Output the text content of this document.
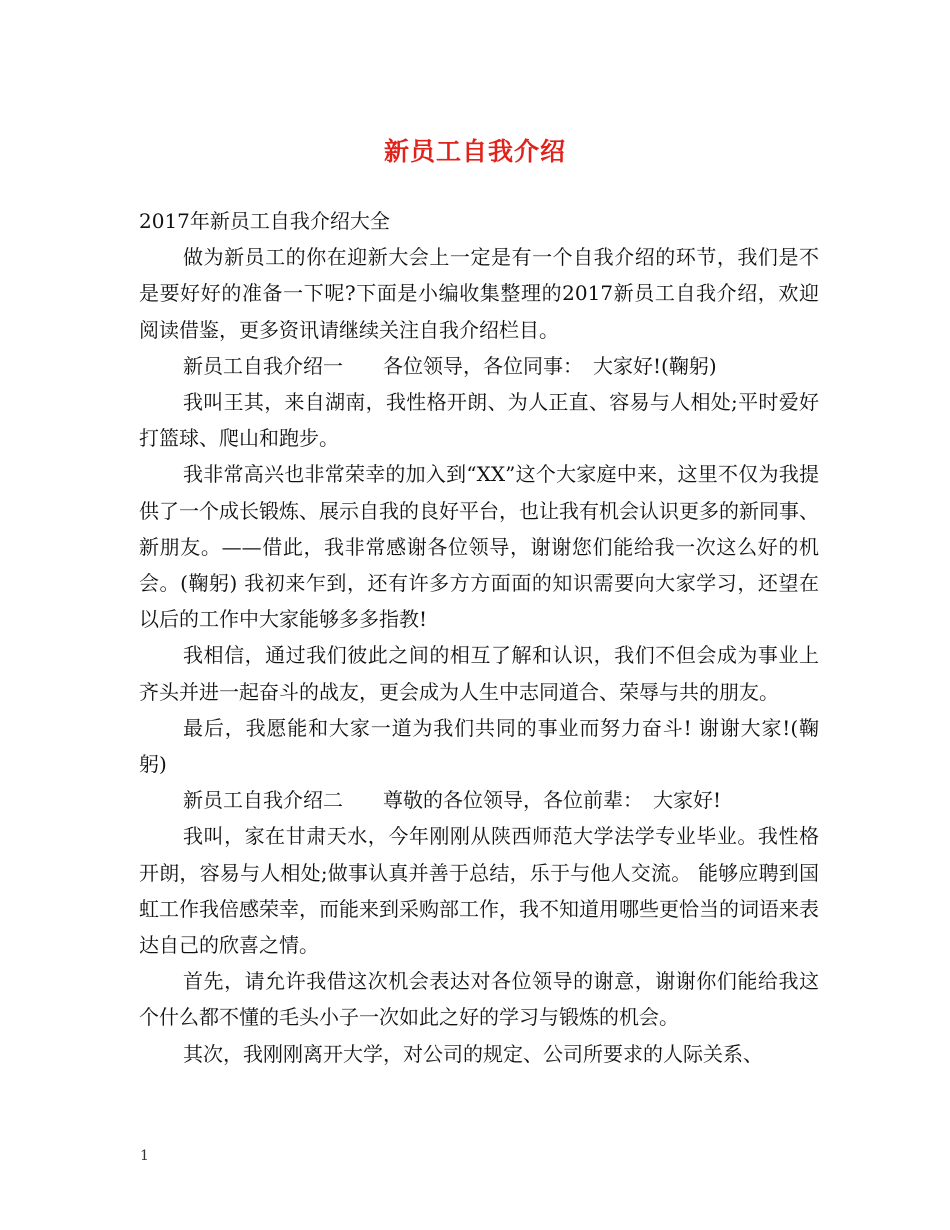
新员工自我介绍

2017年新员工自我介绍大全

做为新员工的你在迎新大会上一定是有一个自我介绍的环节，我们是不是要好好的准备一下呢?下面是小编收集整理的2017新员工自我介绍，欢迎阅读借鉴，更多资讯请继续关注自我介绍栏目。

新员工自我介绍一　　各位领导，各位同事：　大家好!(鞠躬)

我叫王其，来自湖南，我性格开朗、为人正直、容易与人相处;平时爱好打篮球、爬山和跑步。

我非常高兴也非常荣幸的加入到“XX”这个大家庭中来，这里不仅为我提供了一个成长锻炼、展示自我的良好平台，也让我有机会认识更多的新同事、新朋友。——借此，我非常感谢各位领导，谢谢您们能给我一次这么好的机会。(鞠躬) 我初来乍到，还有许多方方面面的知识需要向大家学习，还望在以后的工作中大家能够多多指教!

我相信，通过我们彼此之间的相互了解和认识，我们不但会成为事业上齐头并进一起奋斗的战友，更会成为人生中志同道合、荣辱与共的朋友。

最后，我愿能和大家一道为我们共同的事业而努力奋斗! 谢谢大家!(鞠躬)

新员工自我介绍二　　尊敬的各位领导，各位前辈：　大家好!

我叫，家在甘肃天水，今年刚刚从陕西师范大学法学专业毕业。我性格开朗，容易与人相处;做事认真并善于总结，乐于与他人交流。 能够应聘到国虹工作我倍感荣幸，而能来到采购部工作，我不知道用哪些更恰当的词语来表达自己的欣喜之情。

首先，请允许我借这次机会表达对各位领导的谢意，谢谢你们能给我这个什么都不懂的毛头小子一次如此之好的学习与锻炼的机会。

其次，我刚刚离开大学，对公司的规定、公司所要求的人际关系、

1
